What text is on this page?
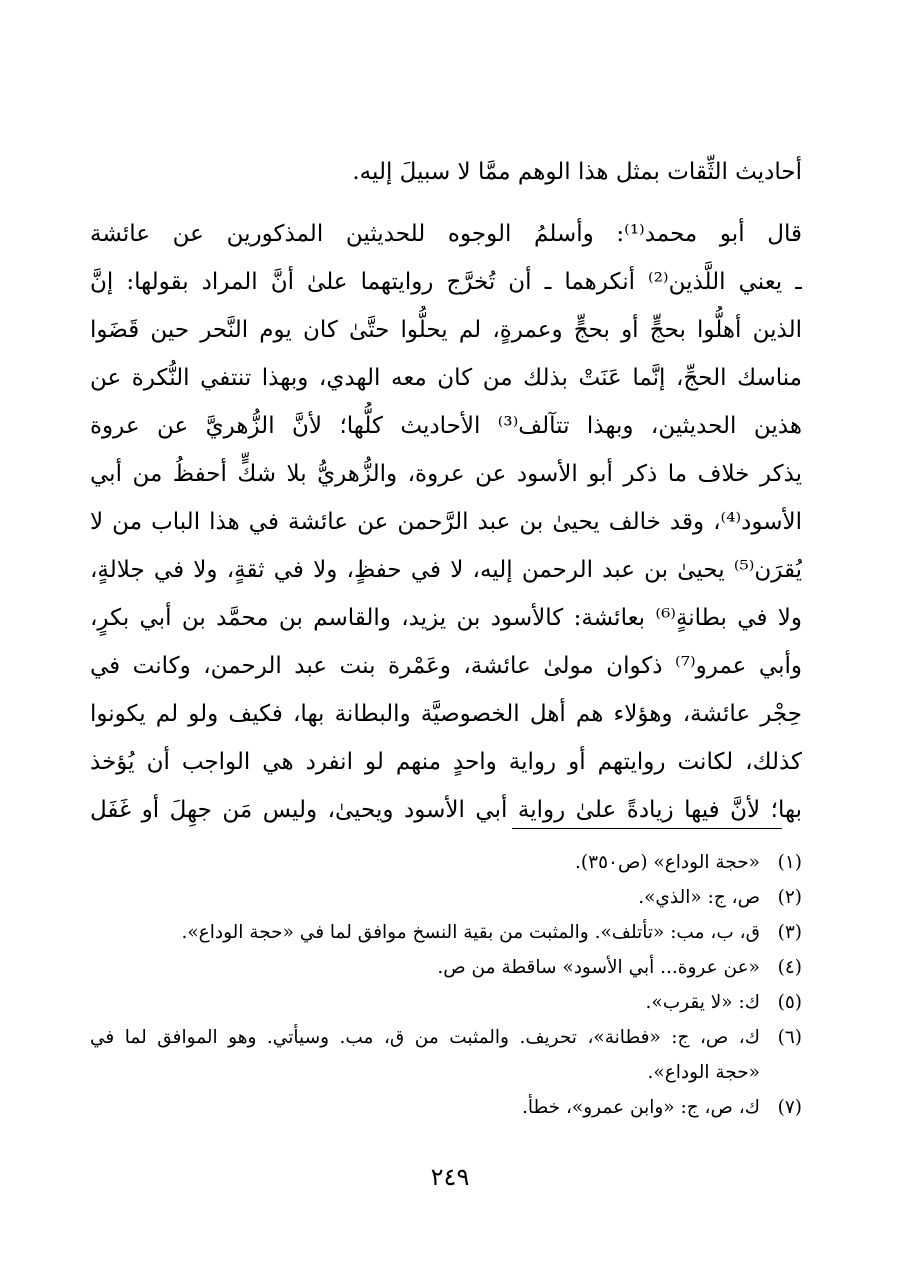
أحاديث الثِّقات بمثل هذا الوهم ممَّا لا سبيلَ إليه.
قال أبو محمد⁽¹⁾: وأسلمُ الوجوه للحديثين المذكورين عن عائشة
ـ يعني اللَّذين⁽²⁾ أنكرهما ـ أن تُخرَّج روايتهما علىٰ أنَّ المراد بقولها: إنَّ
الذين أهلُّوا بحجٍّ أو بحجٍّ وعمرةٍ، لم يحلُّوا حتَّىٰ كان يوم النَّحر حين قَضَوا
مناسك الحجِّ، إنَّما عَنَتْ بذلك من كان معه الهدي، وبهذا تنتفي النُّكرة عن
هذين الحديثين، وبهذا تتآلف⁽³⁾ الأحاديث كلُّها؛ لأنَّ الزُّهريَّ عن عروة
يذكر خلاف ما ذكر أبو الأسود عن عروة، والزُّهريُّ بلا شكٍّ أحفظُ من أبي
الأسود⁽⁴⁾، وقد خالف يحيىٰ بن عبد الرَّحمن عن عائشة في هذا الباب من لا
يُقرَن⁽⁵⁾ يحيىٰ بن عبد الرحمن إليه، لا في حفظٍ، ولا في ثقةٍ، ولا في جلالةٍ،
ولا في بطانةٍ⁽⁶⁾ بعائشة: كالأسود بن يزيد، والقاسم بن محمَّد بن أبي بكرٍ،
وأبي عمرو⁽⁷⁾ ذكوان مولىٰ عائشة، وعَمْرة بنت عبد الرحمن، وكانت في
حِجْر عائشة، وهؤلاء هم أهل الخصوصيَّة والبطانة بها، فكيف ولو لم يكونوا
كذلك، لكانت روايتهم أو رواية واحدٍ منهم لو انفرد هي الواجب أن يُؤخذ
بها؛ لأنَّ فيها زيادةً علىٰ رواية أبي الأسود ويحيىٰ، وليس مَن جهِلَ أو غَفَل
(١)
«حجة الوداع» (ص٣٥٠).
(٢)
ص، ج: «الذي».
(٣)
ق، ب، مب: «تأتلف». والمثبت من بقية النسخ موافق لما في «حجة الوداع».
(٤)
«عن عروة... أبي الأسود» ساقطة من ص.
(٥)
ك: «لا يقرب».
(٦)
ك، ص، ج: «فطانة»، تحريف. والمثبت من ق، مب. وسيأتي. وهو الموافق لما في
«حجة الوداع».
(٧)
ك، ص، ج: «وابن عمرو»، خطأ.
٢٤٩
